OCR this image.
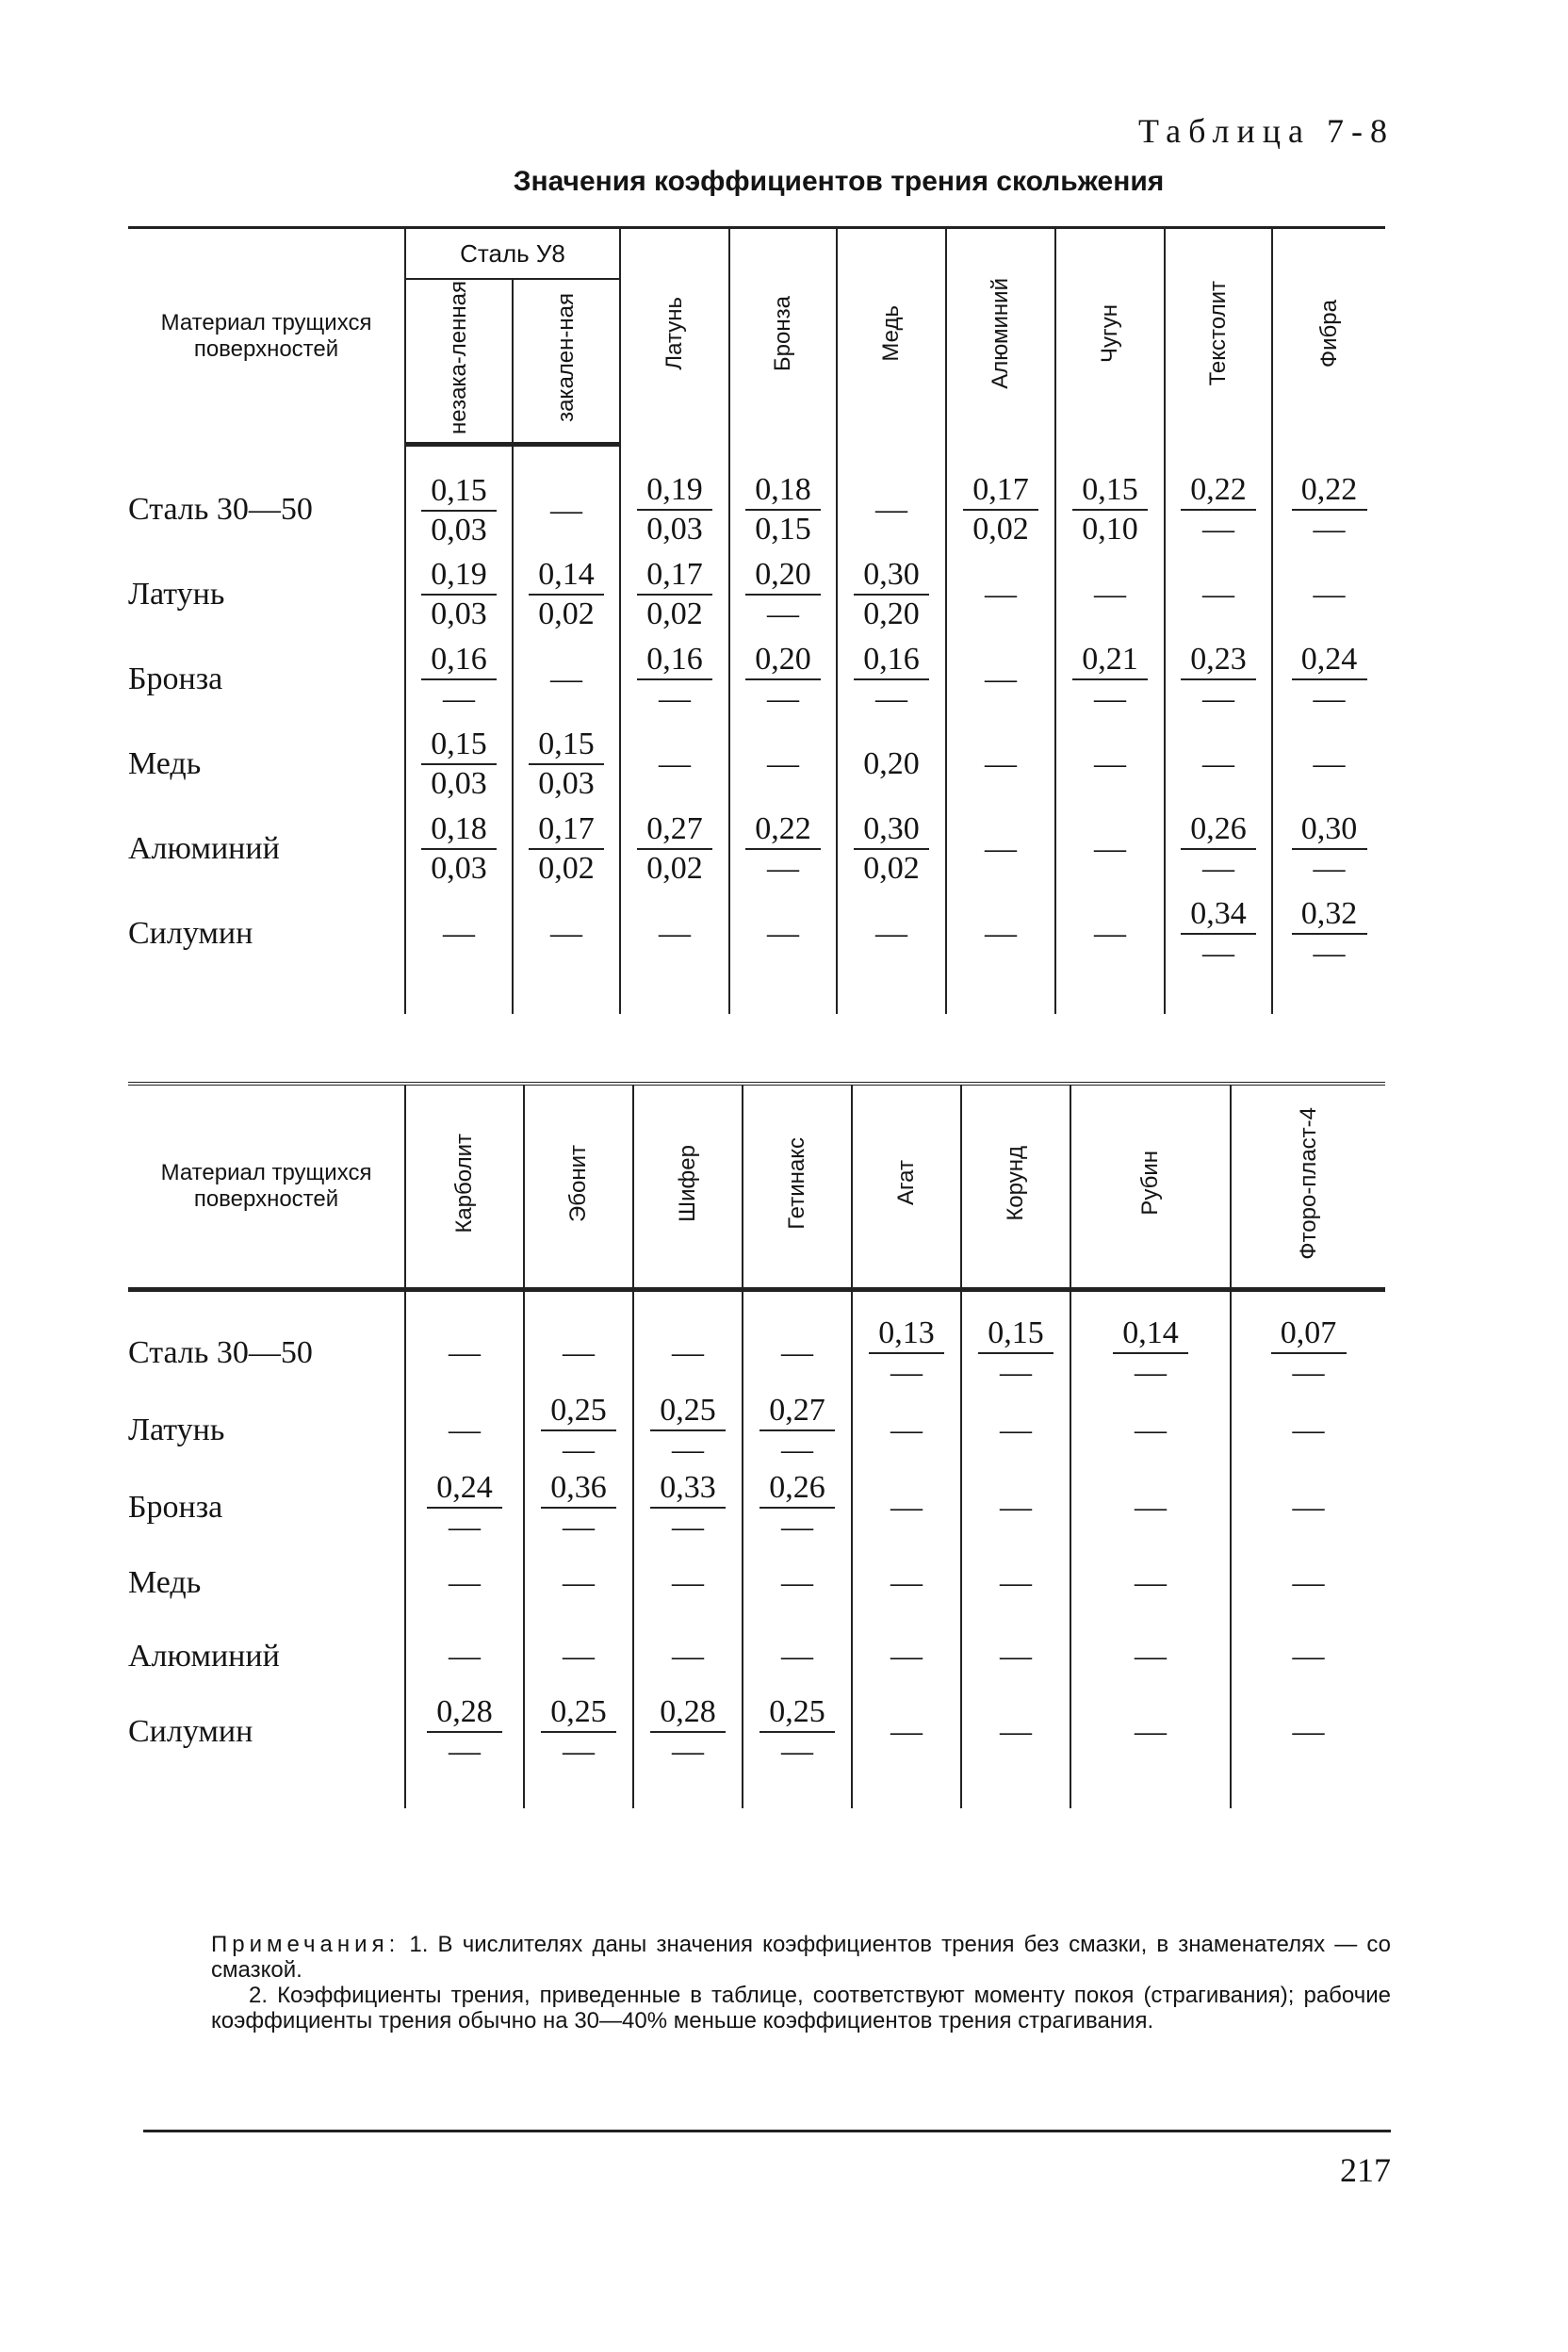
Таблица 7-8
Значения коэффициентов трения скольжения
Материал трущихся поверхностей	Сталь У8		Латунь	Бронза	Медь	Алюминий	Чугун	Текстолит	Фибра
	незака-ленная	закален-ная							
Сталь 30—50	$\frac{0,15}{0,03}$	—	$\frac{0,19}{0,03}$	$\frac{0,18}{0,15}$	—	$\frac{0,17}{0,02}$	$\frac{0,15}{0,10}$	$\frac{0,22}{—}$	$\frac{0,22}{—}$

Латунь	$\frac{0,19}{0,03}$	$\frac{0,14}{0,02}$	$\frac{0,17}{0,02}$	$\frac{0,20}{—}$	$\frac{0,30}{0,20}$	—	—	—	—
Бронза	$\frac{0,16}{—}$	—	$\frac{0,16}{—}$	$\frac{0,20}{—}$	$\frac{0,16}{—}$	—	$\frac{0,21}{—}$	$\frac{0,23}{—}$	$\frac{0,24}{—}$

Медь	$\frac{0,15}{0,03}$	$\frac{0,15}{0,03}$	—	—	0,20	—	—	—	—
Алюминий	$\frac{0,18}{0,03}$	$\frac{0,17}{0,02}$	$\frac{0,27}{0,02}$	$\frac{0,22}{—}$	$\frac{0,30}{0,02}$	—	—	$\frac{0,26}{—}$	$\frac{0,30}{—}$

Силумин	—	—	—	—	—	—	—	$\frac{0,34}{—}$	$\frac{0,32}{—}$
Материал трущихся поверхностей	Карболит	Эбонит	Шифер	Гетинакс	Агат	Корунд	Рубин	Фторо-пласт-4
Сталь 30—50	—	—	—	—	$\frac{0,13}{—}$	$\frac{0,15}{—}$	$\frac{0,14}{—}$	$\frac{0,07}{—}$

Латунь	—	$\frac{0,25}{—}$	$\frac{0,25}{—}$	$\frac{0,27}{—}$	—	—	—	—
Бронза	$\frac{0,24}{—}$	$\frac{0,36}{—}$	$\frac{0,33}{—}$	$\frac{0,26}{—}$	—	—	—	—
Медь	—	—	—	—	—	—	—	—
Алюминий	—	—	—	—	—	—	—	—
Силумин	$\frac{0,28}{—}$	$\frac{0,25}{—}$	$\frac{0,28}{—}$	$\frac{0,25}{—}$	—	—	—	—

Примечания: 1. В числителях даны значения коэффициентов трения без смазки, в знаменателях — со смазкой.

2. Коэффициенты трения, приведенные в таблице, соответствуют моменту покоя (страгивания); рабочие коэффициенты трения обычно на 30—40% меньше коэффициентов трения страгивания.

217
